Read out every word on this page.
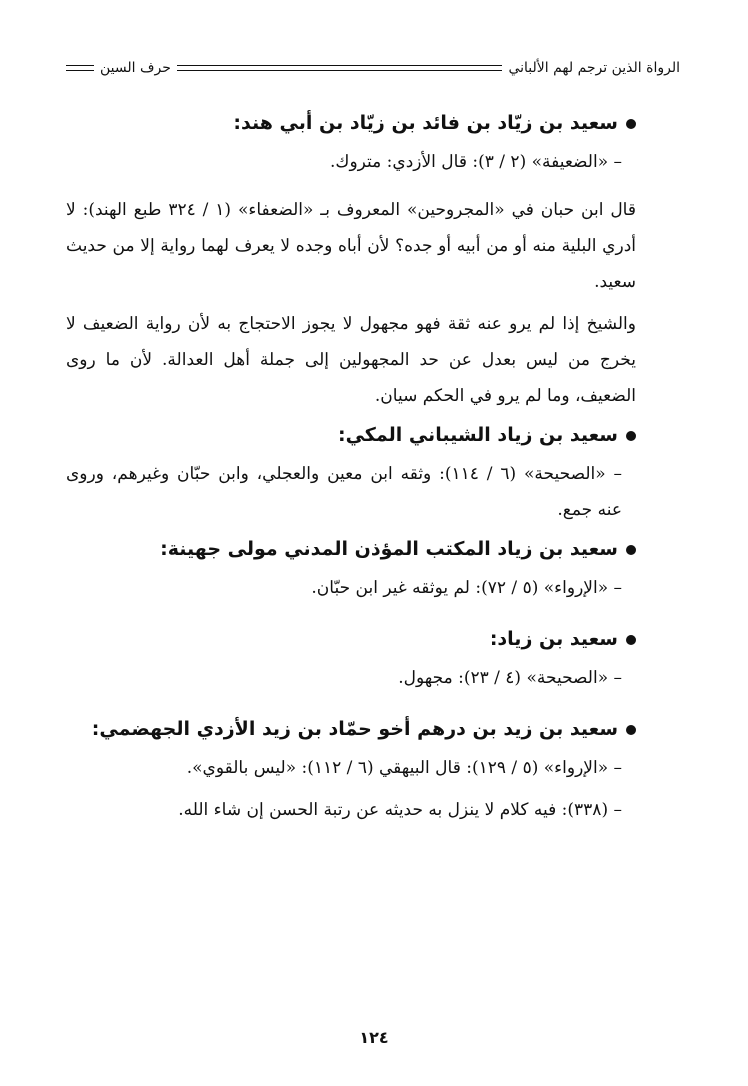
الرواة الذين ترجم لهم الألباني
حرف السين

سعيد بن زيّاد بن فائد بن زيّاد بن أبي هند:

– «الضعيفة» (٢ / ٣): قال الأزدي: متروك.

قال ابن حبان في «المجروحين» المعروف بـ «الضعفاء» (١ / ٣٢٤ طبع الهند): لا أدري البلية منه أو من أبيه أو جده؟ لأن أباه وجده لا يعرف لهما رواية إلا من حديث سعيد.

والشيخ إذا لم يرو عنه ثقة فهو مجهول لا يجوز الاحتجاج به لأن رواية الضعيف لا يخرج من ليس بعدل عن حد المجهولين إلى جملة أهل العدالة. لأن ما روى الضعيف، وما لم يرو في الحكم سيان.

سعيد بن زياد الشيباني المكي:

– «الصحيحة» (٦ / ١١٤): وثقه ابن معين والعجلي، وابن حبّان وغيرهم، وروى عنه جمع.

سعيد بن زياد المكتب المؤذن المدني مولى جهينة:

– «الإرواء» (٥ / ٧٢): لم يوثقه غير ابن حبّان.

سعيد بن زياد:

– «الصحيحة» (٤ / ٢٣): مجهول.

سعيد بن زيد بن درهم أخو حمّاد بن زيد الأزدي الجهضمي:

– «الإرواء» (٥ / ١٢٩): قال البيهقي (٦ / ١١٢): «ليس بالقوي».

– (٣٣٨): فيه كلام لا ينزل به حديثه عن رتبة الحسن إن شاء الله.

١٢٤
